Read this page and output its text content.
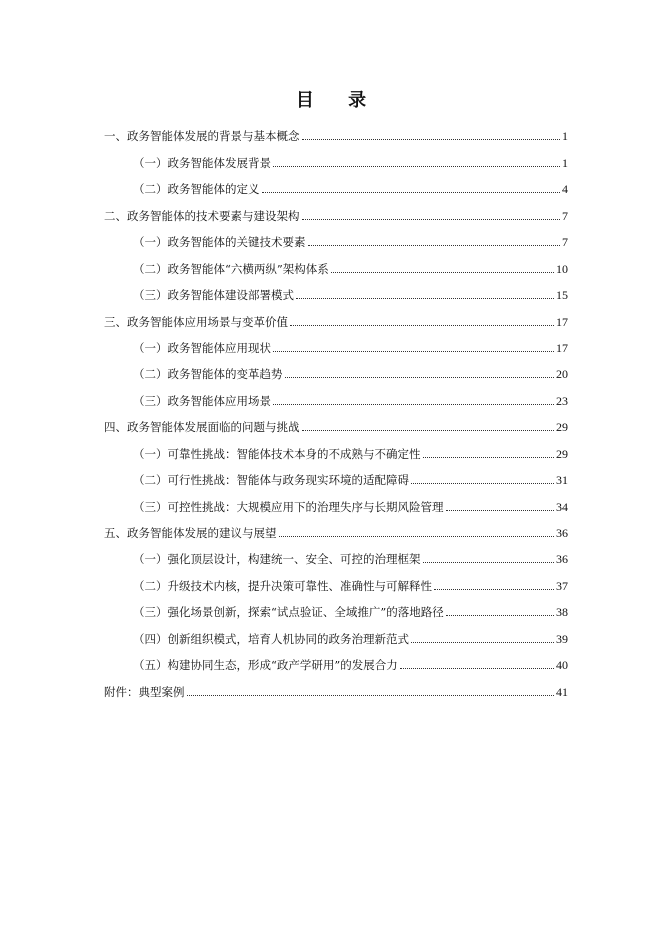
目 录
一、政务智能体发展的背景与基本概念	1
（一）政务智能体发展背景	1
（二）政务智能体的定义	4
二、政务智能体的技术要素与建设架构	7
（一）政务智能体的关键技术要素	7
（二）政务智能体“六横两纵”架构体系	10
（三）政务智能体建设部署模式	15
三、政务智能体应用场景与变革价值	17
（一）政务智能体应用现状	17
（二）政务智能体的变革趋势	20
（三）政务智能体应用场景	23
四、政务智能体发展面临的问题与挑战	29
（一）可靠性挑战：智能体技术本身的不成熟与不确定性	29
（二）可行性挑战：智能体与政务现实环境的适配障碍	31
（三）可控性挑战：大规模应用下的治理失序与长期风险管理	34
五、政务智能体发展的建议与展望	36
（一）强化顶层设计，构建统一、安全、可控的治理框架	36
（二）升级技术内核，提升决策可靠性、准确性与可解释性	37
（三）强化场景创新，探索“试点验证、全域推广”的落地路径	38
（四）创新组织模式，培育人机协同的政务治理新范式	39
（五）构建协同生态，形成“政产学研用”的发展合力	40
附件：典型案例	41
